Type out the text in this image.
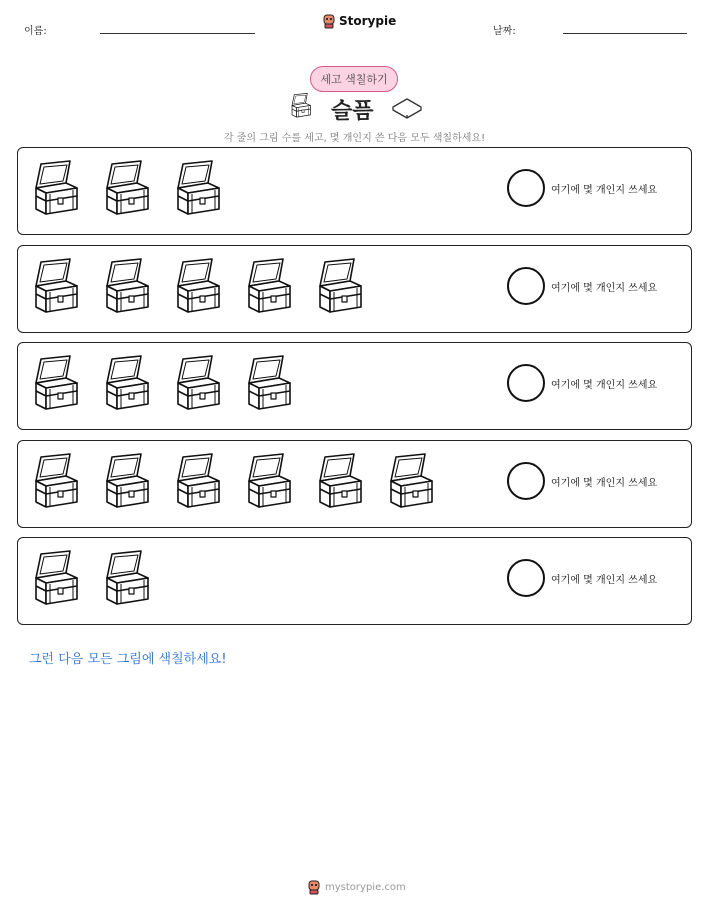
이름:
Storypie
날짜:
세고 색칠하기
슬픔
각 줄의 그림 수를 세고, 몇 개인지 쓴 다음 모두 색칠하세요!
여기에 몇 개인지 쓰세요
여기에 몇 개인지 쓰세요
여기에 몇 개인지 쓰세요
여기에 몇 개인지 쓰세요
여기에 몇 개인지 쓰세요
그런 다음 모든 그림에 색칠하세요!
mystorypie.com
